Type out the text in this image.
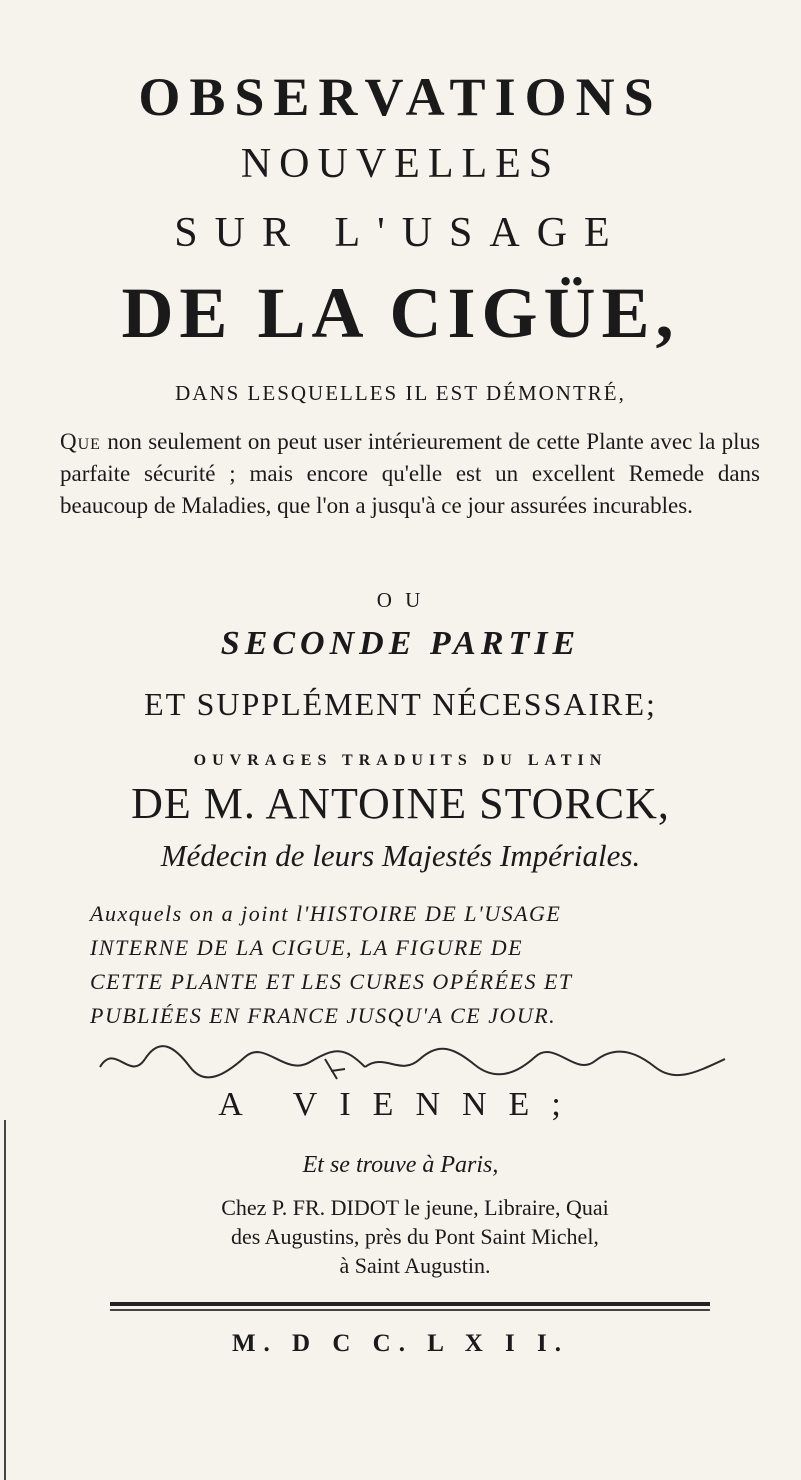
OBSERVATIONS
NOUVELLES
SUR L'USAGE
DE LA CIGÜE,
DANS LESQUELLES IL EST DÉMONTRÉ,
Que non seulement on peut user intérieurement de cette Plante avec la plus parfaite sécurité ; mais encore qu'elle est un excellent Remede dans beaucoup de Maladies, que l'on a jusqu'à ce jour assurées incurables.
O U
SECONDE PARTIE
ET SUPPLÉMENT NÉCESSAIRE;
OUVRAGES TRADUITS DU LATIN
DE M. ANTOINE STORCK,
Médecin de leurs Majestés Impériales.
Auxquels on a joint l'HISTOIRE DE L'USAGE
INTERNE DE LA CIGUE, LA FIGURE DE
CETTE PLANTE ET LES CURES OPÉRÉES ET
PUBLIÉES EN FRANCE JUSQU'A CE JOUR.
A VIENNE;
Et se trouve à Paris,
Chez P. FR. DIDOT le jeune, Libraire, Quai
des Augustins, près du Pont Saint Michel,
à Saint Augustin.
M. D C C. L X I I.
